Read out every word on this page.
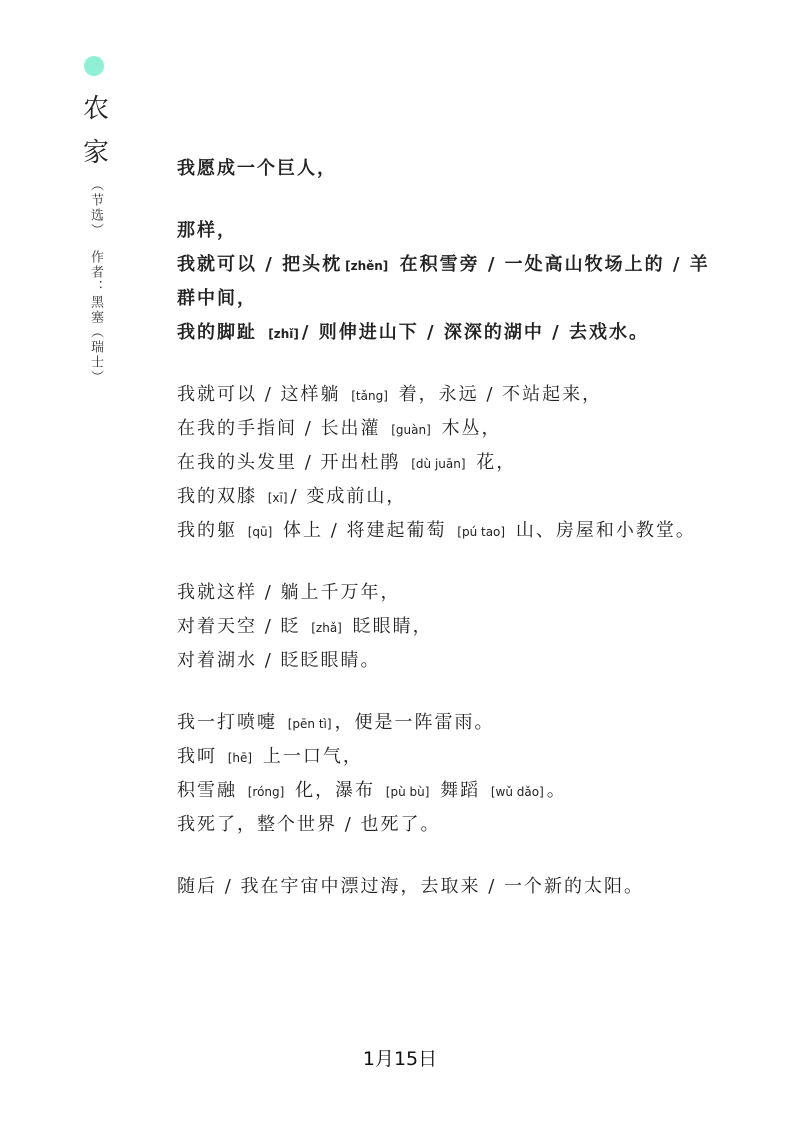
农
家
（节选）
作者：黑塞（瑞士）
我愿成一个巨人，
那样，
我就可以 / 把头枕 [zhěn] 在积雪旁 / 一处高山牧场上的 / 羊
群中间，
我的脚趾 [zhǐ] / 则伸进山下 / 深深的湖中 / 去戏水。
我就可以 / 这样躺 [tǎng] 着，永远 / 不站起来，
在我的手指间 / 长出灌 [guàn] 木丛，
在我的头发里 / 开出杜鹃 [dù juān] 花，
我的双膝 [xī] / 变成前山，
我的躯 [qū] 体上 / 将建起葡萄 [pú tao] 山、房屋和小教堂。
我就这样 / 躺上千万年，
对着天空 / 眨 [zhǎ] 眨眼睛，
对着湖水 / 眨眨眼睛。
我一打喷嚏 [pēn tì] ，便是一阵雷雨。
我呵 [hē] 上一口气，
积雪融 [róng] 化，瀑布 [pù bù] 舞蹈 [wǔ dǎo] 。
我死了，整个世界 / 也死了。
随后 / 我在宇宙中漂过海，去取来 / 一个新的太阳。
1月15日
